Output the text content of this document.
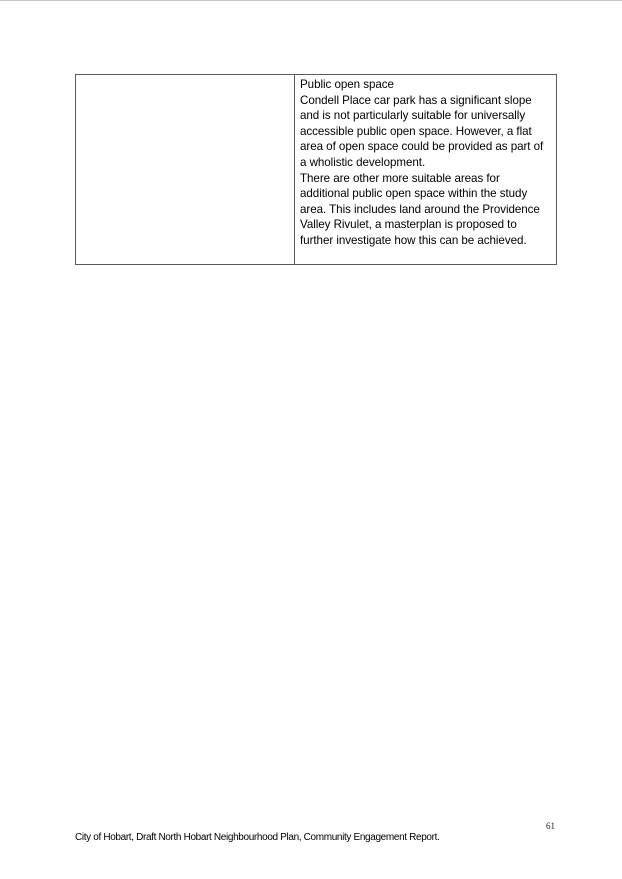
Public open space
Condell Place car park has a significant slope and is not particularly suitable for universally accessible public open space. However, a flat area of open space could be provided as part of a wholistic development.
There are other more suitable areas for additional public open space within the study area. This includes land around the Providence Valley Rivulet, a masterplan is proposed to further investigate how this can be achieved.
61
City of Hobart, Draft North Hobart Neighbourhood Plan, Community Engagement Report.
